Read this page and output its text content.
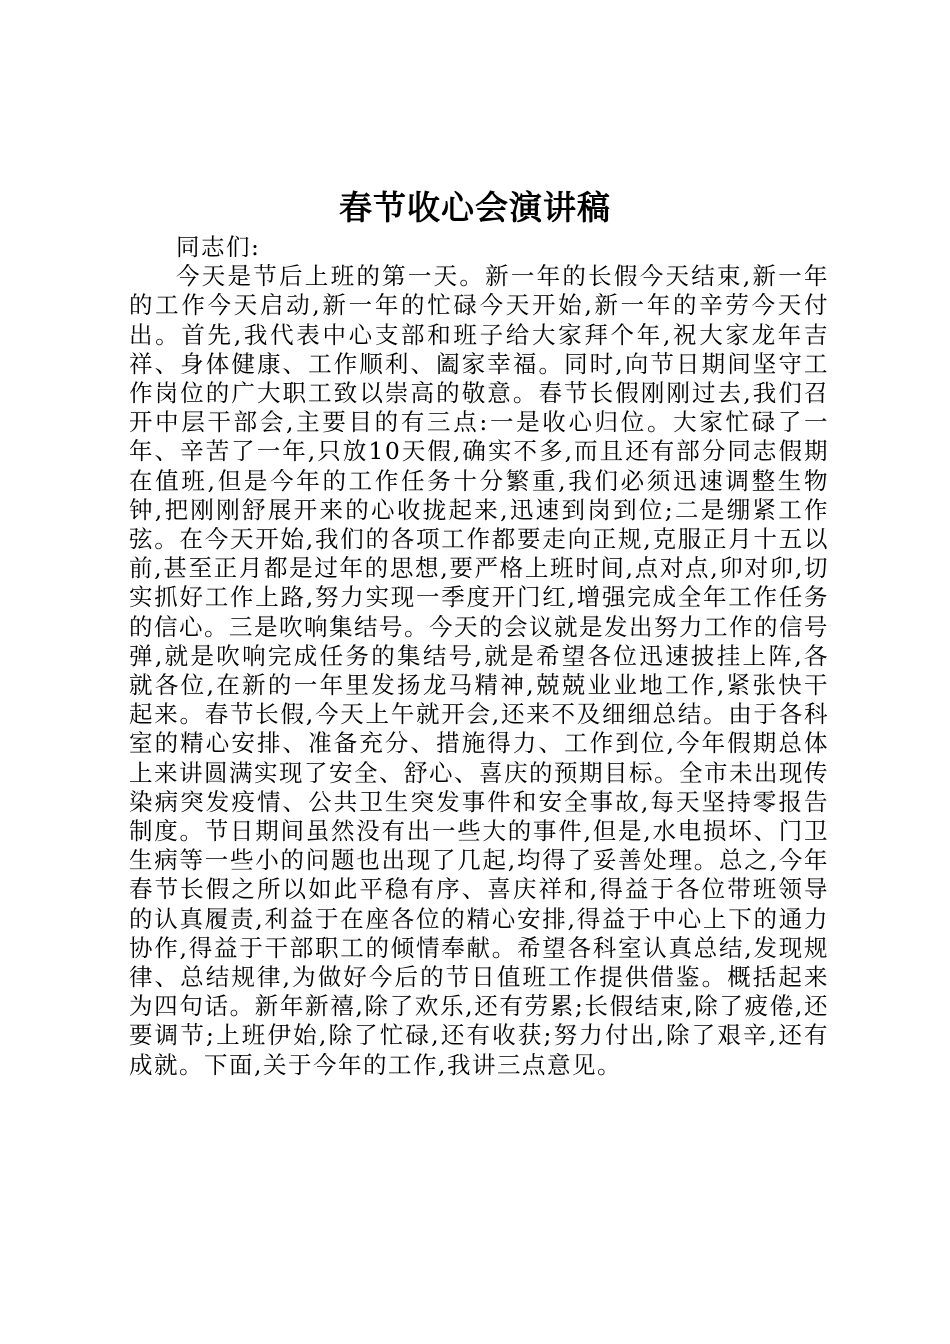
春节收心会演讲稿

同志们:

今天是节后上班的第一天。新一年的长假今天结束,新一年的工作今天启动,新一年的忙碌今天开始,新一年的辛劳今天付出。首先,我代表中心支部和班子给大家拜个年,祝大家龙年吉祥、身体健康、工作顺利、阖家幸福。同时,向节日期间坚守工作岗位的广大职工致以崇高的敬意。春节长假刚刚过去,我们召开中层干部会,主要目的有三点:一是收心归位。大家忙碌了一年、辛苦了一年,只放10天假,确实不多,而且还有部分同志假期在值班,但是今年的工作任务十分繁重,我们必须迅速调整生物钟,把刚刚舒展开来的心收拢起来,迅速到岗到位;二是绷紧工作弦。在今天开始,我们的各项工作都要走向正规,克服正月十五以前,甚至正月都是过年的思想,要严格上班时间,点对点,卯对卯,切实抓好工作上路,努力实现一季度开门红,增强完成全年工作任务的信心。三是吹响集结号。今天的会议就是发出努力工作的信号弹,就是吹响完成任务的集结号,就是希望各位迅速披挂上阵,各就各位,在新的一年里发扬龙马精神,兢兢业业地工作,紧张快干起来。春节长假,今天上午就开会,还来不及细细总结。由于各科室的精心安排、准备充分、措施得力、工作到位,今年假期总体上来讲圆满实现了安全、舒心、喜庆的预期目标。全市未出现传染病突发疫情、公共卫生突发事件和安全事故,每天坚持零报告制度。节日期间虽然没有出一些大的事件,但是,水电损坏、门卫生病等一些小的问题也出现了几起,均得了妥善处理。总之,今年春节长假之所以如此平稳有序、喜庆祥和,得益于各位带班领导的认真履责,利益于在座各位的精心安排,得益于中心上下的通力协作,得益于干部职工的倾情奉献。希望各科室认真总结,发现规律、总结规律,为做好今后的节日值班工作提供借鉴。概括起来为四句话。新年新禧,除了欢乐,还有劳累;长假结束,除了疲倦,还要调节;上班伊始,除了忙碌,还有收获;努力付出,除了艰辛,还有成就。下面,关于今年的工作,我讲三点意见。
